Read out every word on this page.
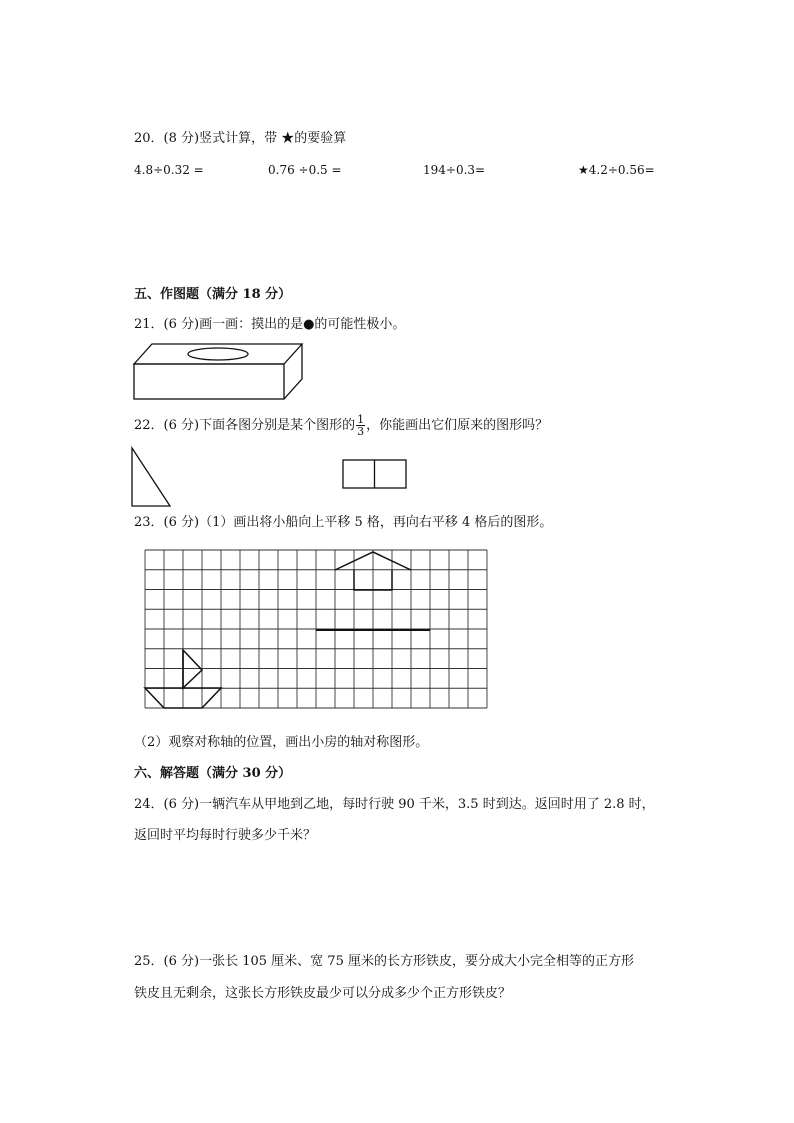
20．(8 分)竖式计算，带 ★的要验算
4.8÷0.32 =	0.76 ÷0.5 =	194÷0.3=	★4.2÷0.56=
五、作图题（满分 18 分）
21．(6 分)画一画：摸出的是●的可能性极小。
22．(6 分)下面各图分别是某个图形的 $\frac{1}{3}$ ，你能画出它们原来的图形吗？
23．(6 分)（1）画出将小船向上平移 5 格，再向右平移 4 格后的图形。
（2）观察对称轴的位置，画出小房的轴对称图形。
六、解答题（满分 30 分）
24．(6 分)一辆汽车从甲地到乙地，每时行驶 90 千米，3.5 时到达。返回时用了 2.8 时，
返回时平均每时行驶多少千米？
25．(6 分)一张长 105 厘米、宽 75 厘米的长方形铁皮，要分成大小完全相等的正方形
铁皮且无剩余，这张长方形铁皮最少可以分成多少个正方形铁皮？
